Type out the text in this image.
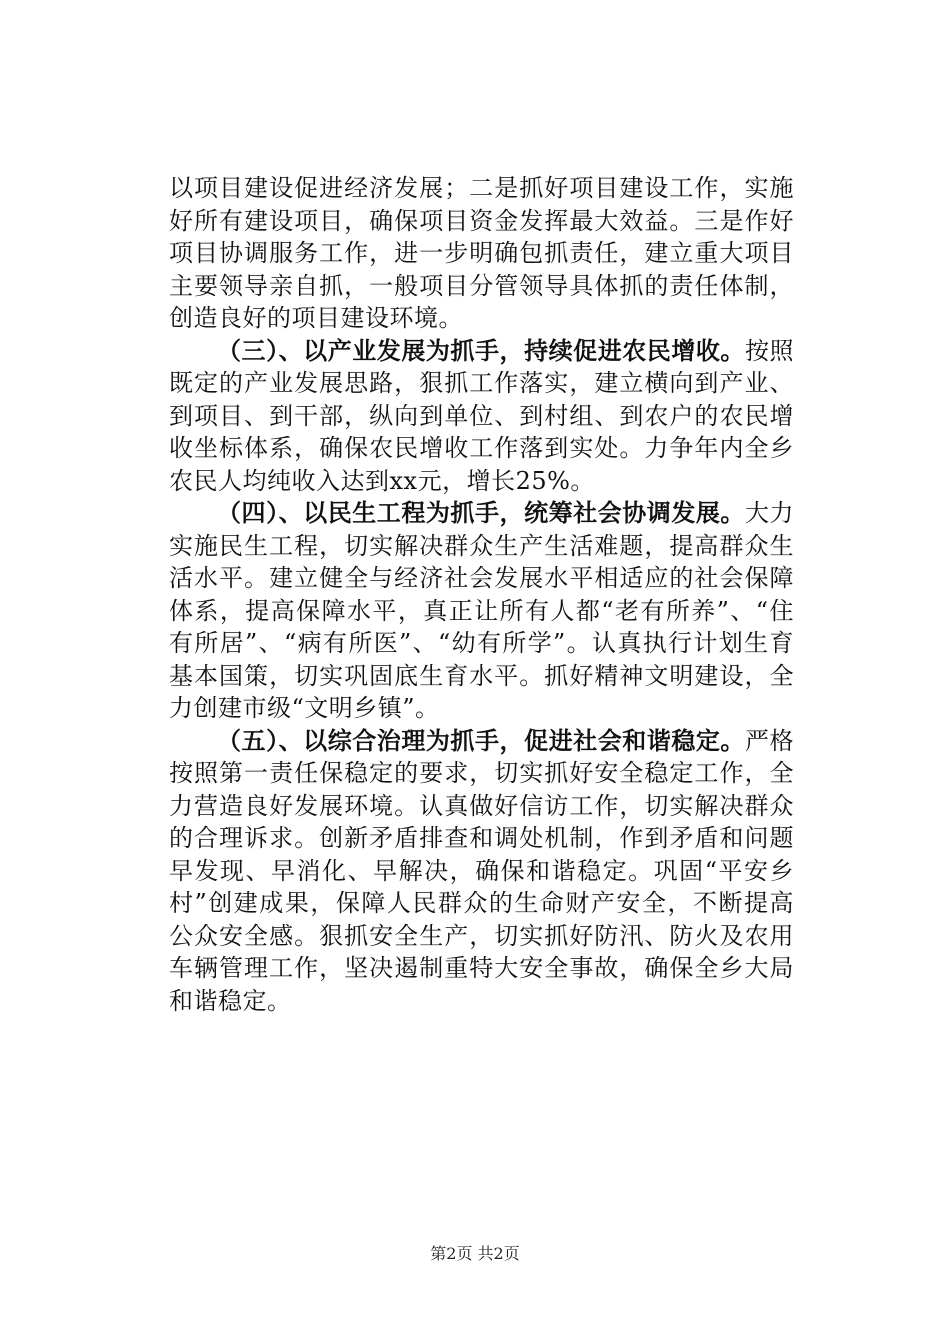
以项目建设促进经济发展；二是抓好项目建设工作，实施好所有建设项目，确保项目资金发挥最大效益。三是作好项目协调服务工作，进一步明确包抓责任，建立重大项目主要领导亲自抓，一般项目分管领导具体抓的责任体制，创造良好的项目建设环境。

（三）、以产业发展为抓手，持续促进农民增收。按照既定的产业发展思路，狠抓工作落实，建立横向到产业、到项目、到干部，纵向到单位、到村组、到农户的农民增收坐标体系，确保农民增收工作落到实处。力争年内全乡农民人均纯收入达到xx元，增长25%。

（四）、以民生工程为抓手，统筹社会协调发展。大力实施民生工程，切实解决群众生产生活难题，提高群众生活水平。建立健全与经济社会发展水平相适应的社会保障体系，提高保障水平，真正让所有人都“老有所养”、“住有所居”、“病有所医”、“幼有所学”。认真执行计划生育基本国策，切实巩固底生育水平。抓好精神文明建设，全力创建市级“文明乡镇”。

（五）、以综合治理为抓手，促进社会和谐稳定。严格按照第一责任保稳定的要求，切实抓好安全稳定工作，全力营造良好发展环境。认真做好信访工作，切实解决群众的合理诉求。创新矛盾排查和调处机制，作到矛盾和问题早发现、早消化、早解决，确保和谐稳定。巩固“平安乡村”创建成果，保障人民群众的生命财产安全，不断提高公众安全感。狠抓安全生产，切实抓好防汛、防火及农用车辆管理工作，坚决遏制重特大安全事故，确保全乡大局和谐稳定。

第2页 共2页
